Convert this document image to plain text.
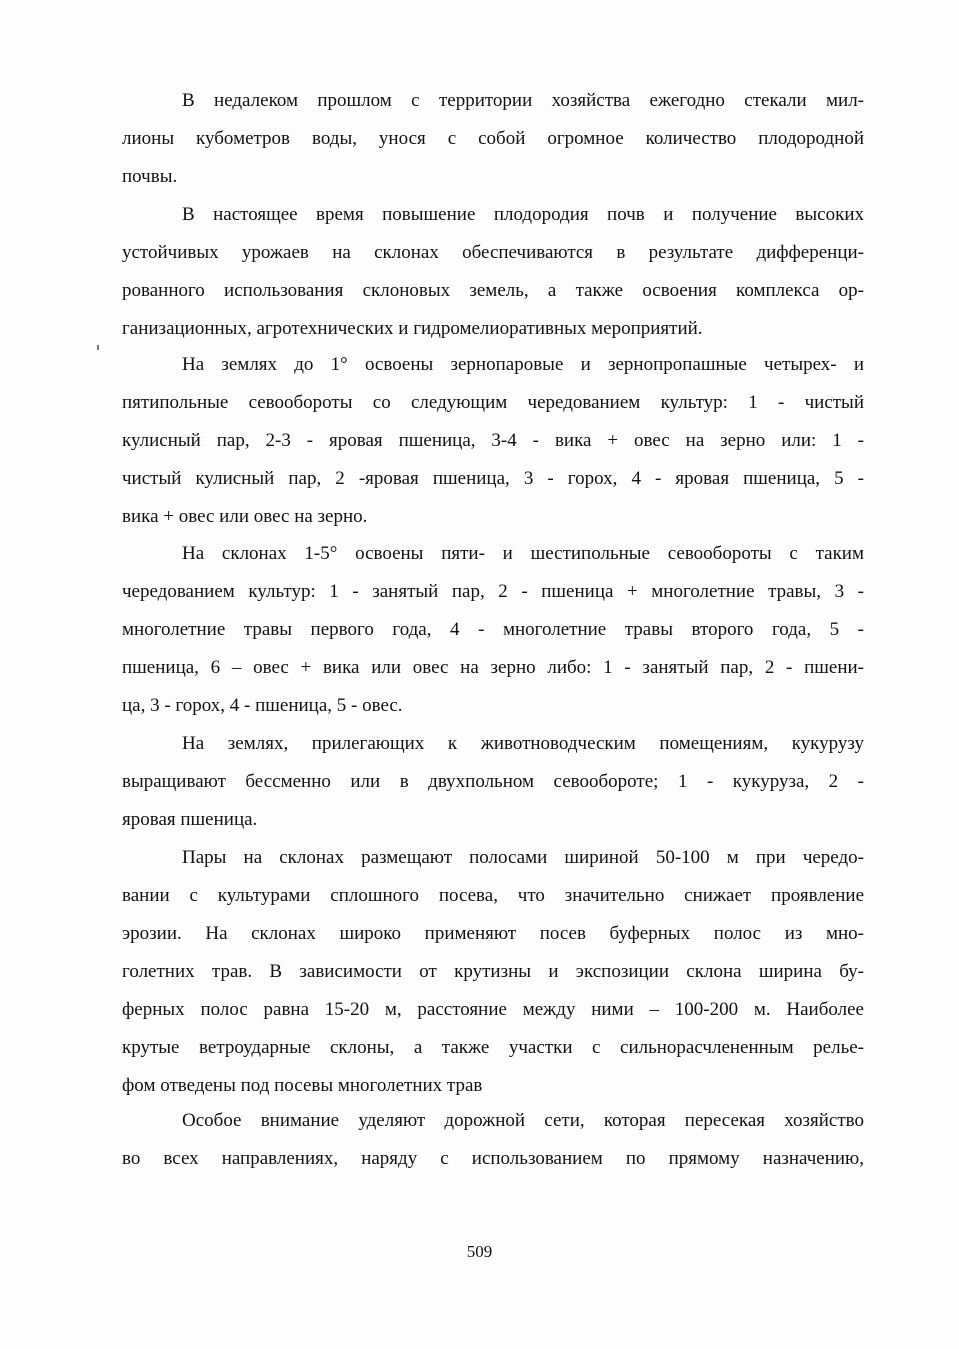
В недалеком прошлом с территории хозяйства ежегодно стекали мил-
лионы кубометров воды, унося с собой огромное количество плодородной
почвы.
В настоящее время повышение плодородия почв и получение высоких
устойчивых урожаев на склонах обеспечиваются в результате дифференци-
рованного использования склоновых земель, а также освоения комплекса ор-
ганизационных, агротехнических и гидромелиоративных мероприятий.
На землях до 1° освоены зернопаровые и зернопропашные четырех- и
пятипольные севообороты со следующим чередованием культур: 1 - чистый
кулисный пар, 2-3 - яровая пшеница, 3-4 - вика + овес на зерно или: 1 -
чистый кулисный пар, 2 -яровая пшеница, 3 - горох, 4 - яровая пшеница, 5 -
вика + овес или овес на зерно.
На склонах 1-5° освоены пяти- и шестипольные севообороты с таким
чередованием культур: 1 - занятый пар, 2 - пшеница + многолетние травы, 3 -
многолетние травы первого года, 4 - многолетние травы второго года, 5 -
пшеница, 6 – овес + вика или овес на зерно либо: 1 - занятый пар, 2 - пшени-
ца, 3 - горох, 4 - пшеница, 5 - овес.
На землях, прилегающих к животноводческим помещениям, кукурузу
выращивают бессменно или в двухпольном севообороте; 1 - кукуруза, 2 -
яровая пшеница.
Пары на склонах размещают полосами шириной 50-100 м при чередо-
вании с культурами сплошного посева, что значительно снижает проявление
эрозии. На склонах широко применяют посев буферных полос из мно-
голетних трав. В зависимости от крутизны и экспозиции склона ширина бу-
ферных полос равна 15-20 м, расстояние между ними – 100-200 м. Наиболее
крутые ветроударные склоны, а также участки с сильнорасчлененным релье-
фом отведены под посевы многолетних трав
Особое внимание уделяют дорожной сети, которая пересекая хозяйство
во всех направлениях, наряду с использованием по прямому назначению,
509
